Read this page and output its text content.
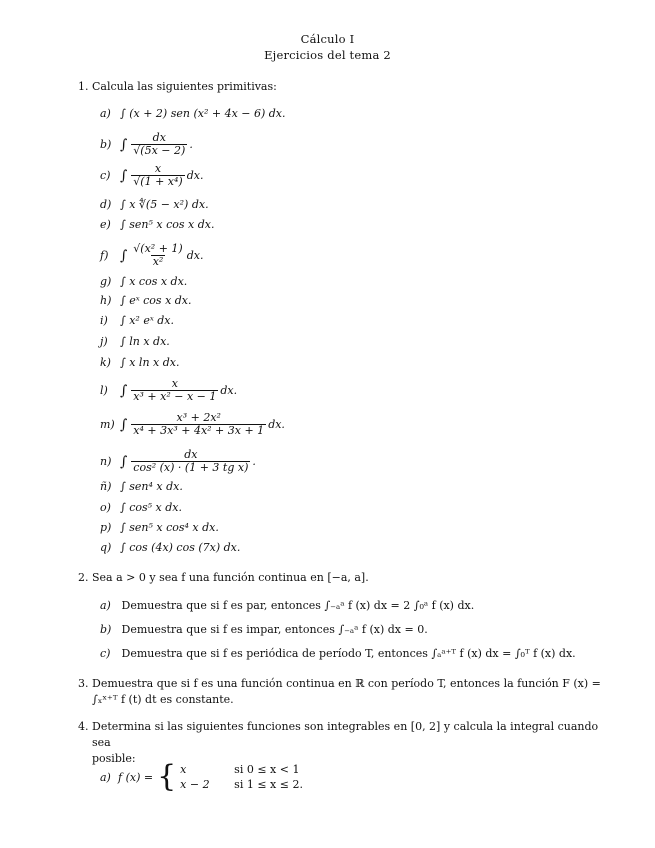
Cálculo I
Ejercicios del tema 2
1. Calcula las siguientes primitivas:
a) ∫ (x + 2) sen (x² + 4x − 6) dx.
b) ∫ $\frac{dx}{√(5x - 2)}$ .
c) ∫ $\frac{x}{\text{√(1 + x⁴)}}$ dx.
d) ∫ x ∜(5 − x²) dx.
e) ∫ sen⁵ x cos x dx.
f) ∫ $\frac{\text{√(x² + 1)}}{\text{x²}}$ dx.
g) ∫ x cos x dx.
h) ∫ eˣ cos x dx.
i)	∫ x² eˣ dx.
j)	∫ ln x dx.
k) ∫ x ln x dx.
l) ∫ $\frac{x}{\text{x³ + x² − x − 1}}$ dx.
m) ∫ $\frac{\text{x³ + 2x²}}{\text{x⁴ + 3x³ + 4x² + 3x + 1}}$ dx.
n) ∫ $\frac{dx}{\text{cos² (x) · (1 + 3 tg x)}}$ .
ñ) ∫ sen⁴ x dx.
o) ∫ cos⁵ x dx.
p) ∫ sen⁵ x cos⁴ x dx.
q) ∫ cos (4x) cos (7x) dx.
2. Sea a > 0 y sea f una función continua en [−a, a].
a) Demuestra que si f es par, entonces ∫₋ₐᵃ f (x) dx = 2 ∫₀ᵃ f (x) dx.
b) Demuestra que si f es impar, entonces ∫₋ₐᵃ f (x) dx = 0.
c) Demuestra que si f es periódica de período T, entonces ∫ₐᵃ⁺ᵀ f (x) dx = ∫₀ᵀ f (x) dx.
3. Demuestra que si f es una función continua en ℝ con período T, entonces la función F (x) =
∫ₓˣ⁺ᵀ f (t) dt es constante.
4. Determina si las siguientes funciones son integrables en [0, 2] y calcula la integral cuando sea
posible:
a) f (x) = { x	si 0 ≤ x < 1
x − 2 si 1 ≤ x ≤ 2.
